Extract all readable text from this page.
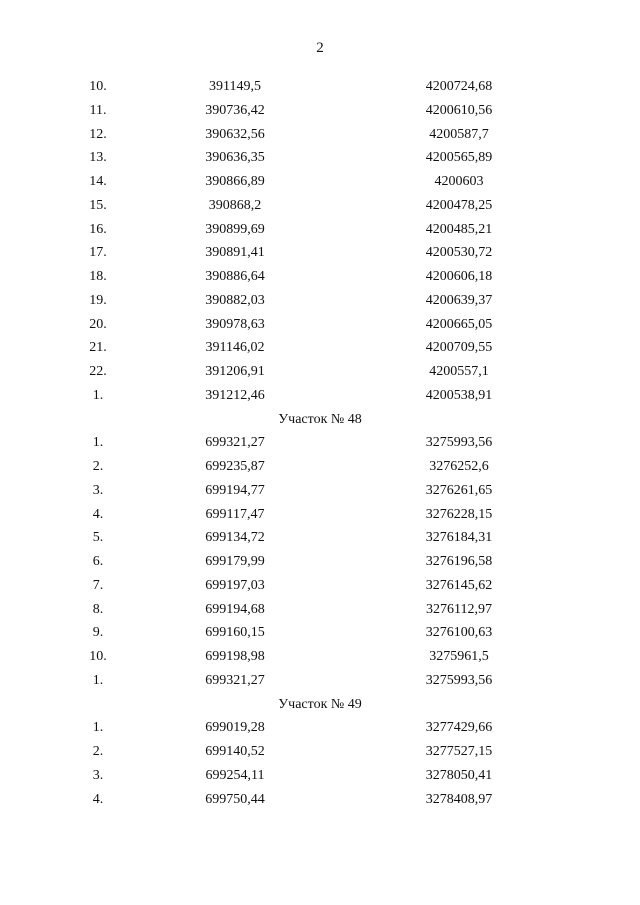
2
10.	391149,5	4200724,68
11.	390736,42	4200610,56
12.	390632,56	4200587,7
13.	390636,35	4200565,89
14.	390866,89	4200603
15.	390868,2	4200478,25
16.	390899,69	4200485,21
17.	390891,41	4200530,72
18.	390886,64	4200606,18
19.	390882,03	4200639,37
20.	390978,63	4200665,05
21.	391146,02	4200709,55
22.	391206,91	4200557,1
1.	391212,46	4200538,91
Участок № 48
1.	699321,27	3275993,56
2.	699235,87	3276252,6
3.	699194,77	3276261,65
4.	699117,47	3276228,15
5.	699134,72	3276184,31
6.	699179,99	3276196,58
7.	699197,03	3276145,62
8.	699194,68	3276112,97
9.	699160,15	3276100,63
10.	699198,98	3275961,5
1.	699321,27	3275993,56
Участок № 49
1.	699019,28	3277429,66
2.	699140,52	3277527,15
3.	699254,11	3278050,41
4.	699750,44	3278408,97
